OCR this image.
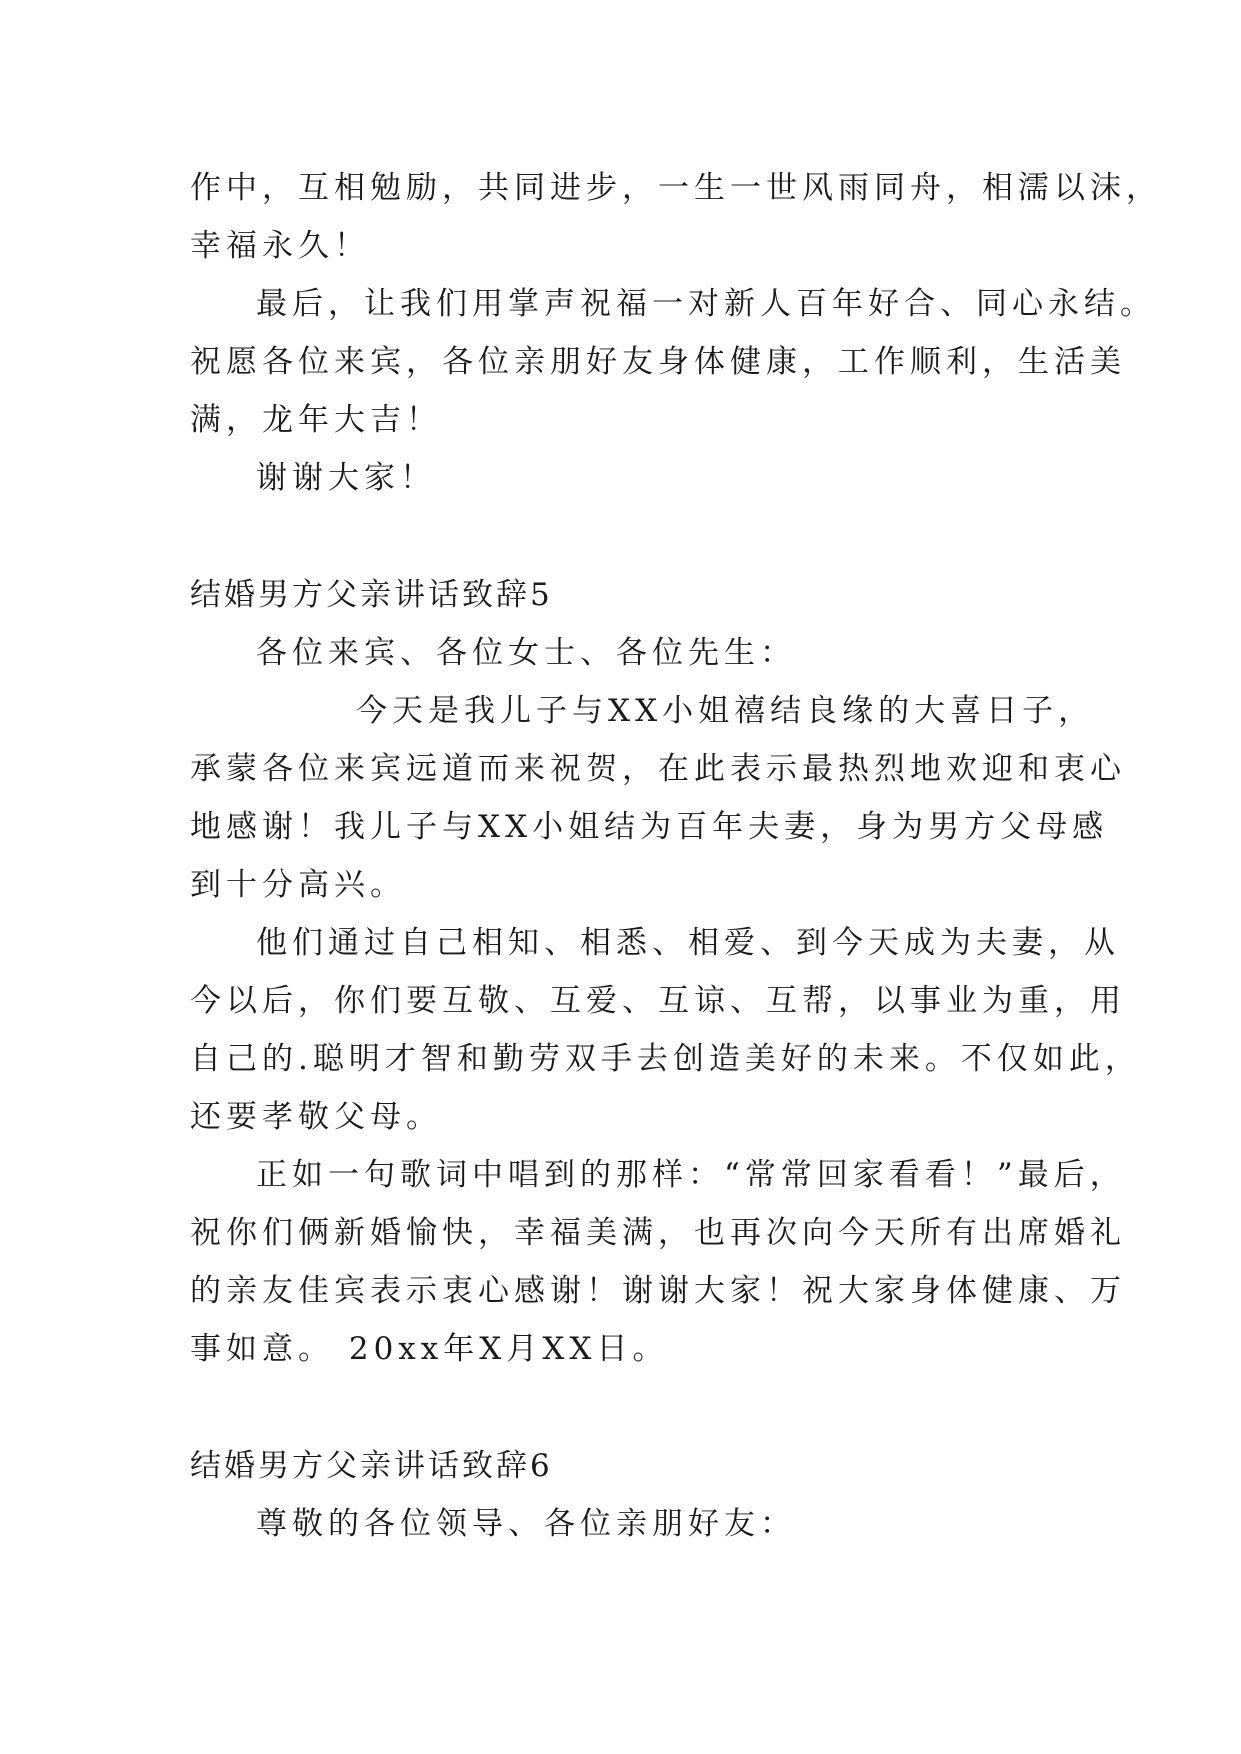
作中，互相勉励，共同进步，一生一世风雨同舟，相濡以沫，
幸福永久！
最后，让我们用掌声祝福一对新人百年好合、同心永结。
祝愿各位来宾，各位亲朋好友身体健康，工作顺利，生活美
满，龙年大吉！
谢谢大家！
结婚男方父亲讲话致辞5
各位来宾、各位女士、各位先生：
今天是我儿子与XX小姐禧结良缘的大喜日子，
承蒙各位来宾远道而来祝贺，在此表示最热烈地欢迎和衷心
地感谢！我儿子与XX小姐结为百年夫妻，身为男方父母感
到十分高兴。
他们通过自己相知、相悉、相爱、到今天成为夫妻，从
今以后，你们要互敬、互爱、互谅、互帮，以事业为重，用
自己的.聪明才智和勤劳双手去创造美好的未来。不仅如此，
还要孝敬父母。
正如一句歌词中唱到的那样：“常常回家看看！”最后，
祝你们俩新婚愉快，幸福美满，也再次向今天所有出席婚礼
的亲友佳宾表示衷心感谢！谢谢大家！祝大家身体健康、万
事如意。 20xx年X月XX日。
结婚男方父亲讲话致辞6
尊敬的各位领导、各位亲朋好友：
